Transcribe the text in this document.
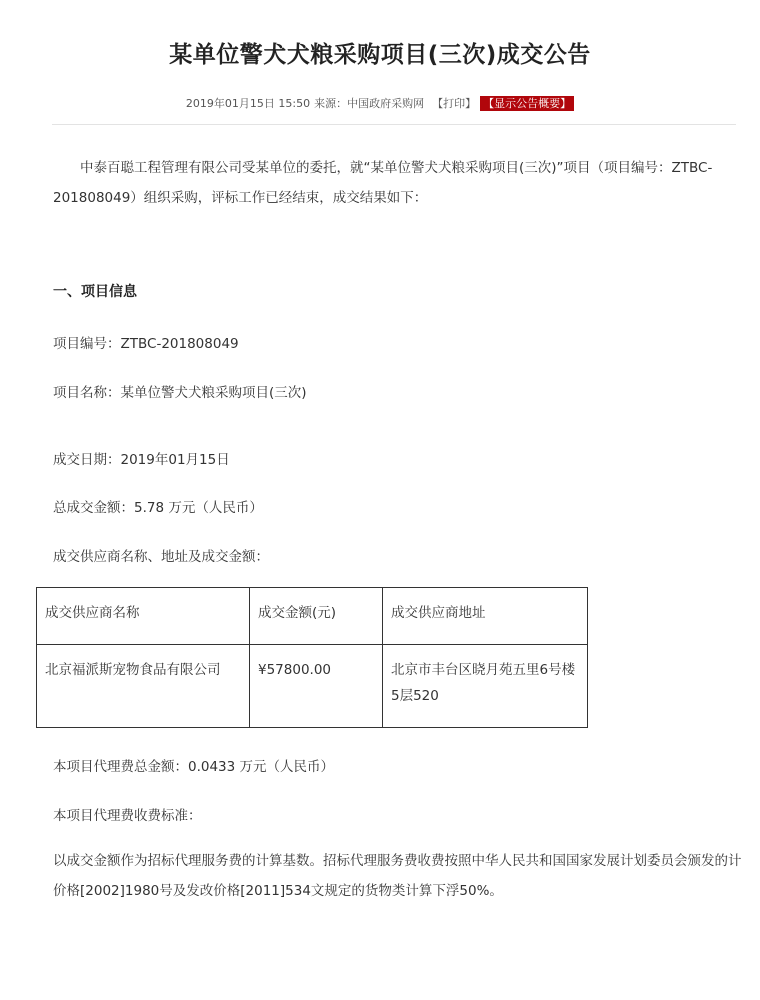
某单位警犬犬粮采购项目(三次)成交公告
2019年01月15日 15:50 来源：中国政府采购网 【打印】 【显示公告概要】
中泰百聪工程管理有限公司受某单位的委托，就“某单位警犬犬粮采购项目(三次)”项目（项目编号：ZTBC-201808049）组织采购，评标工作已经结束，成交结果如下：
一、项目信息
项目编号：ZTBC-201808049
项目名称：某单位警犬犬粮采购项目(三次)
成交日期：2019年01月15日
总成交金额：5.78 万元（人民币）
成交供应商名称、地址及成交金额：
成交供应商名称	成交金额(元)	成交供应商地址
北京福派斯宠物食品有限公司	¥57800.00	北京市丰台区晓月苑五里6号楼5层520
本项目代理费总金额：0.0433 万元（人民币）
本项目代理费收费标准：
以成交金额作为招标代理服务费的计算基数。招标代理服务费收费按照中华人民共和国国家发展计划委员会颁发的计价格[2002]1980号及发改价格[2011]534文规定的货物类计算下浮50%。
